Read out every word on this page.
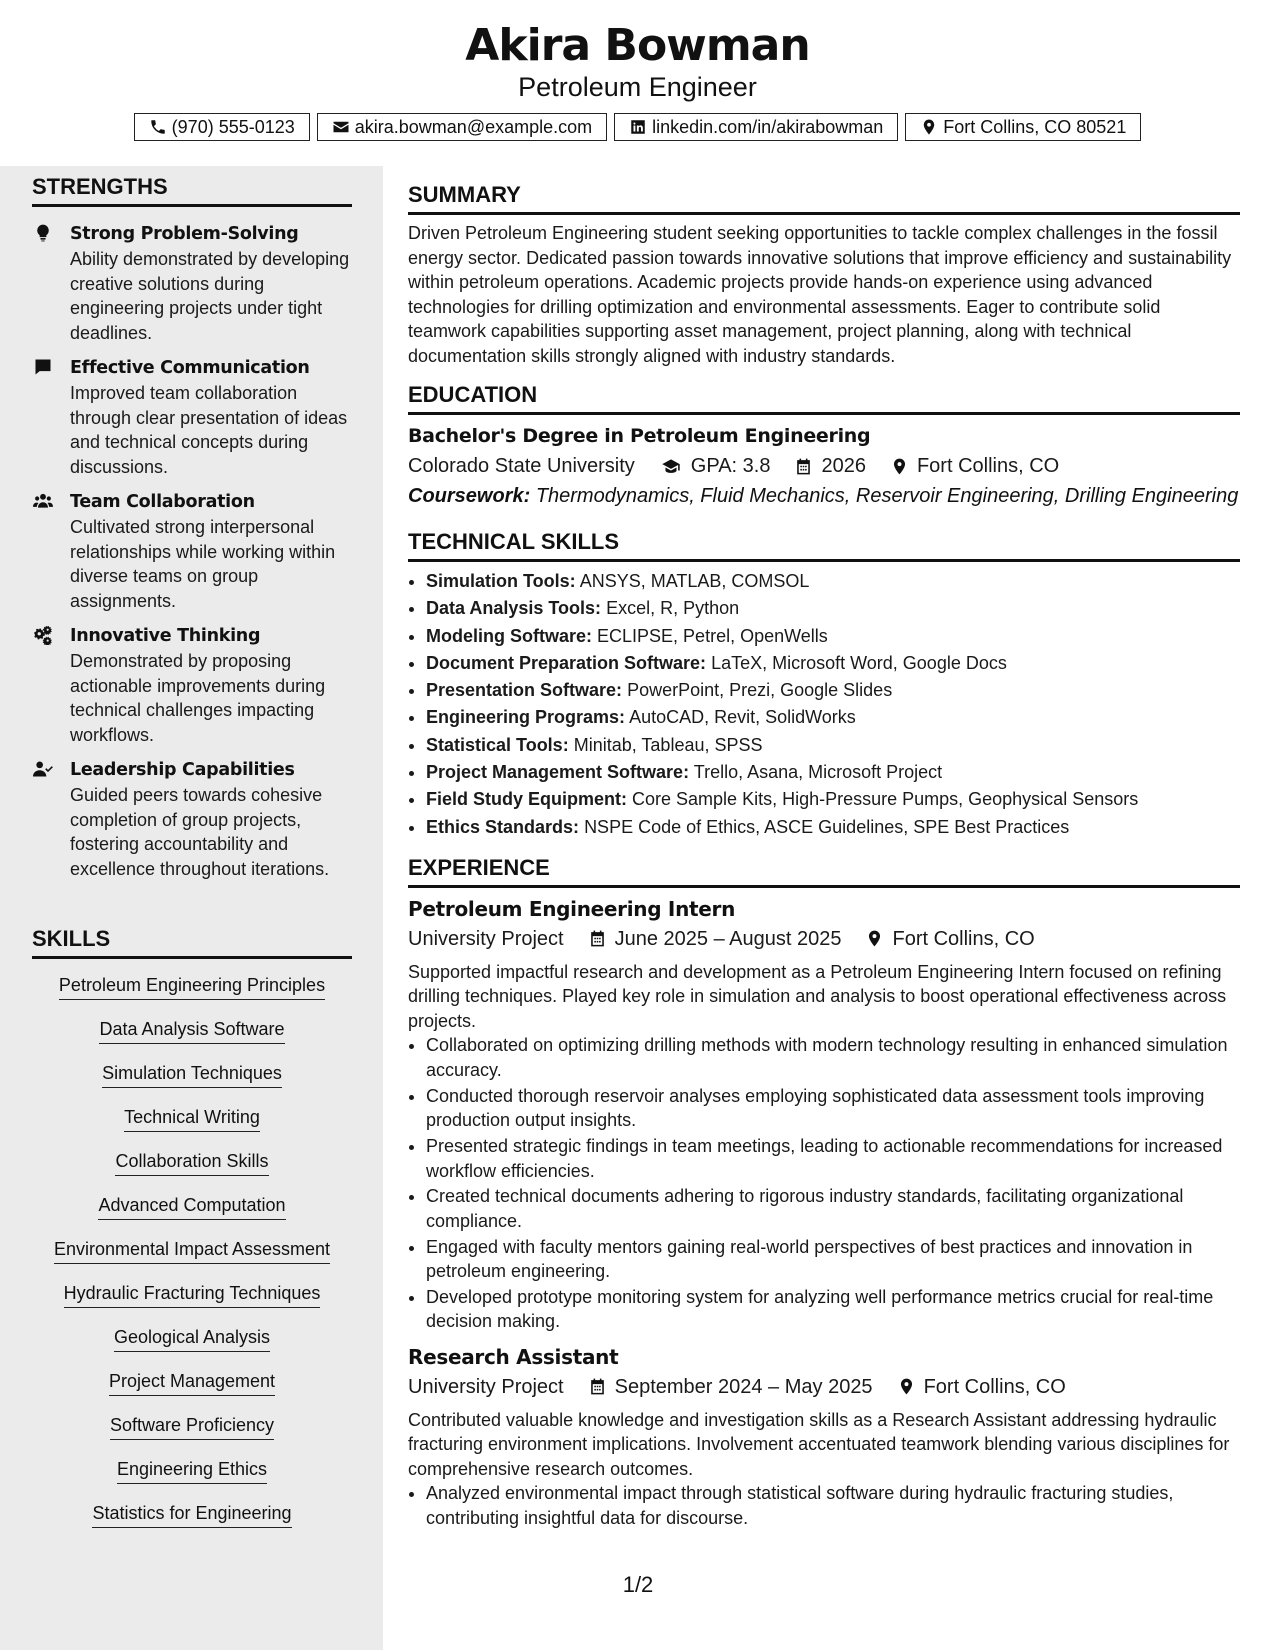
Akira Bowman
Petroleum Engineer
(970) 555-0123	akira.bowman@example.com	linkedin.com/in/akirabowman	Fort Collins, CO 80521
STRENGTHS
Strong Problem-Solving
Ability demonstrated by developing creative solutions during engineering projects under tight deadlines.
Effective Communication
Improved team collaboration through clear presentation of ideas and technical concepts during discussions.
Team Collaboration
Cultivated strong interpersonal relationships while working within diverse teams on group assignments.
Innovative Thinking
Demonstrated by proposing actionable improvements during technical challenges impacting workflows.
Leadership Capabilities
Guided peers towards cohesive completion of group projects, fostering accountability and excellence throughout iterations.
SKILLS
Petroleum Engineering Principles
Data Analysis Software
Simulation Techniques
Technical Writing
Collaboration Skills
Advanced Computation
Environmental Impact Assessment
Hydraulic Fracturing Techniques
Geological Analysis
Project Management
Software Proficiency
Engineering Ethics
Statistics for Engineering
SUMMARY
Driven Petroleum Engineering student seeking opportunities to tackle complex challenges in the fossil energy sector. Dedicated passion towards innovative solutions that improve efficiency and sustainability within petroleum operations. Academic projects provide hands-on experience using advanced technologies for drilling optimization and environmental assessments. Eager to contribute solid teamwork capabilities supporting asset management, project planning, along with technical documentation skills strongly aligned with industry standards.
EDUCATION
Bachelor's Degree in Petroleum Engineering
Colorado State University	GPA: 3.8	2026	Fort Collins, CO
Coursework: Thermodynamics, Fluid Mechanics, Reservoir Engineering, Drilling Engineering
TECHNICAL SKILLS
• Simulation Tools: ANSYS, MATLAB, COMSOL
• Data Analysis Tools: Excel, R, Python
• Modeling Software: ECLIPSE, Petrel, OpenWells
• Document Preparation Software: LaTeX, Microsoft Word, Google Docs
• Presentation Software: PowerPoint, Prezi, Google Slides
• Engineering Programs: AutoCAD, Revit, SolidWorks
• Statistical Tools: Minitab, Tableau, SPSS
• Project Management Software: Trello, Asana, Microsoft Project
• Field Study Equipment: Core Sample Kits, High-Pressure Pumps, Geophysical Sensors
• Ethics Standards: NSPE Code of Ethics, ASCE Guidelines, SPE Best Practices
EXPERIENCE
Petroleum Engineering Intern
University Project	June 2025 – August 2025	Fort Collins, CO
Supported impactful research and development as a Petroleum Engineering Intern focused on refining drilling techniques. Played key role in simulation and analysis to boost operational effectiveness across projects.
• Collaborated on optimizing drilling methods with modern technology resulting in enhanced simulation accuracy.
• Conducted thorough reservoir analyses employing sophisticated data assessment tools improving production output insights.
• Presented strategic findings in team meetings, leading to actionable recommendations for increased workflow efficiencies.
• Created technical documents adhering to rigorous industry standards, facilitating organizational compliance.
• Engaged with faculty mentors gaining real-world perspectives of best practices and innovation in petroleum engineering.
• Developed prototype monitoring system for analyzing well performance metrics crucial for real-time decision making.
Research Assistant
University Project	September 2024 – May 2025	Fort Collins, CO
Contributed valuable knowledge and investigation skills as a Research Assistant addressing hydraulic fracturing environment implications. Involvement accentuated teamwork blending various disciplines for comprehensive research outcomes.
• Analyzed environmental impact through statistical software during hydraulic fracturing studies, contributing insightful data for discourse.
1/2
